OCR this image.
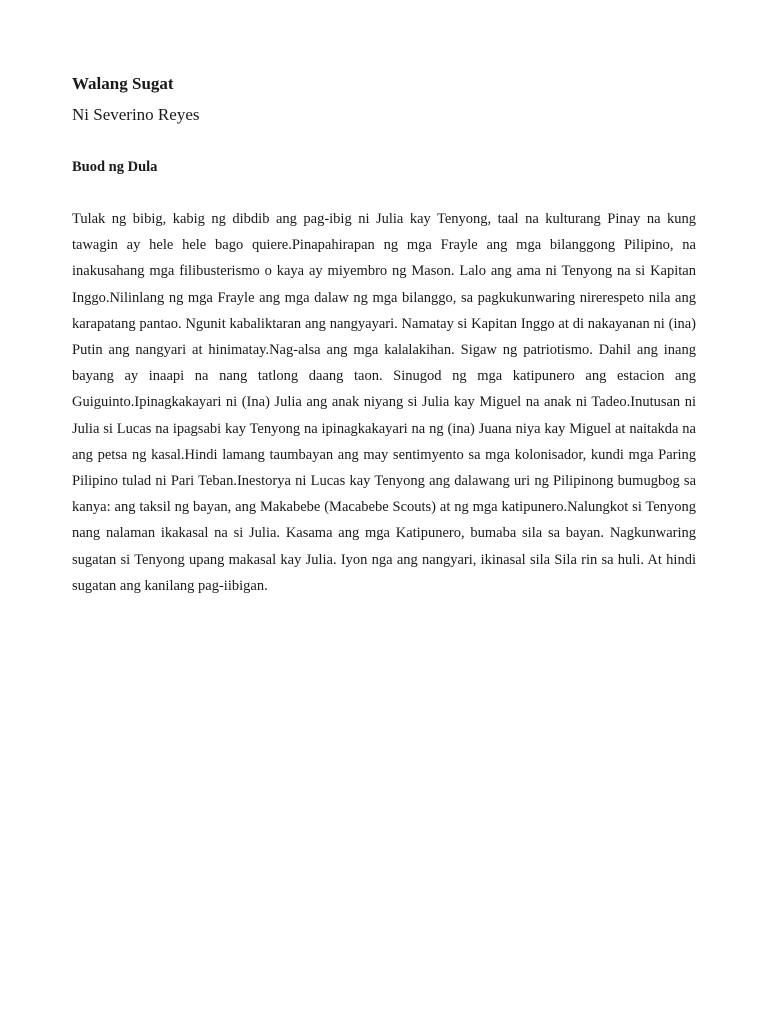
Walang Sugat

Ni Severino Reyes

Buod ng Dula

Tulak ng bibig, kabig ng dibdib ang pag-ibig ni Julia kay Tenyong, taal na kulturang Pinay na kung tawagin ay hele hele bago quiere.Pinapahirapan ng mga Frayle ang mga bilanggong Pilipino, na inakusahang mga filibusterismo o kaya ay miyembro ng Mason. Lalo ang ama ni Tenyong na si Kapitan Inggo.Nilinlang ng mga Frayle ang mga dalaw ng mga bilanggo, sa pagkukunwaring nirerespeto nila ang karapatang pantao. Ngunit kabaliktaran ang nangyayari. Namatay si Kapitan Inggo at di nakayanan ni (ina) Putin ang nangyari at hinimatay.Nag-alsa ang mga kalalakihan. Sigaw ng patriotismo. Dahil ang inang bayang ay inaapi na nang tatlong daang taon. Sinugod ng mga katipunero ang estacion ang Guiguinto.Ipinagkakayari ni (Ina) Julia ang anak niyang si Julia kay Miguel na anak ni Tadeo.Inutusan ni Julia si Lucas na ipagsabi kay Tenyong na ipinagkakayari na ng (ina) Juana niya kay Miguel at naitakda na ang petsa ng kasal.Hindi lamang taumbayan ang may sentimyento sa mga kolonisador, kundi mga Paring Pilipino tulad ni Pari Teban.Inestorya ni Lucas kay Tenyong ang dalawang uri ng Pilipinong bumugbog sa kanya: ang taksil ng bayan, ang Makabebe (Macabebe Scouts) at ng mga katipunero.Nalungkot si Tenyong nang nalaman ikakasal na si Julia. Kasama ang mga Katipunero, bumaba sila sa bayan. Nagkunwaring sugatan si Tenyong upang makasal kay Julia. Iyon nga ang nangyari, ikinasal sila Sila rin sa huli. At hindi sugatan ang kanilang pag-iibigan.
